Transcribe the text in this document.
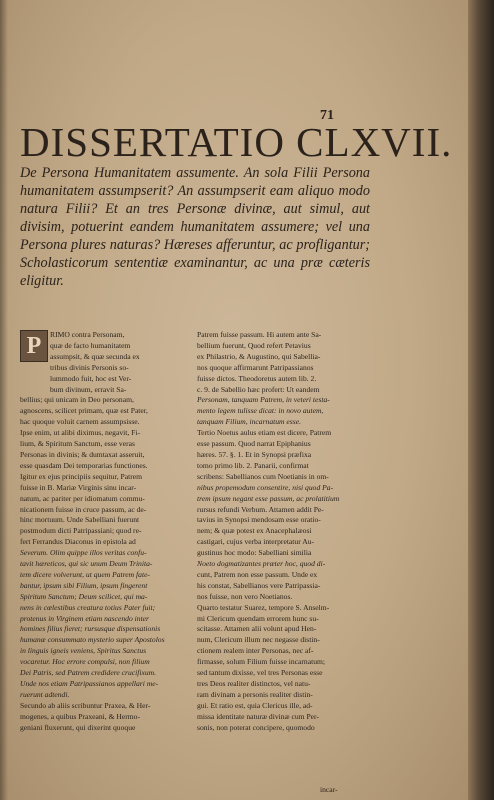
71
DISSERTATIO CLXVII.
De Persona Humanitatem assumente. An sola Filii Persona humanitatem assumpserit? An assumpserit eam aliquo modo natura Filii? Et an tres Personæ divinæ, aut simul, aut divisim, potuerint eandem humanitatem assumere; vel una Persona plures naturas? Hæreses afferuntur, ac profligantur; Scholasticorum sententiæ examinantur, ac una præ cæteris eligitur.
P	RIMO contra Personam,
quæ de facto humanitatem
assumpsit, & quæ secunda ex
tribus divinis Personis so-
lummodo fuit, hoc est Ver-
bum divinum, erravit Sa-
bellius; qui unicam in Deo personam,
agnoscens, scilicet primam, quæ est Pater,
hac quoque voluit carnem assumpsisse.
Ipse enim, ut alibi diximus, negavit, Fi-
lium, & Spiritum Sanctum, esse veras
Personas in divinis; & dumtaxat asseruit,
esse quasdam Dei temporarias functiones.
Igitur ex ejus principiis sequitur, Patrem
fuisse in B. Mariæ Virginis sinu incar-
natum, ac pariter per idiomatum commu-
nicationem fuisse in cruce passum, ac de-
hinc mortuum. Unde Sabelliani fuerunt
postmodum dicti Patripassiani; quod re-
fert Ferrandus Diaconus in epistola ad
Severum. Olim quippe illos veritas confu-
tavit hæreticos, qui sic unum Deum Trinita-
tem dicere volverunt, ut quem Patrem fate-
bantur, ipsum sibi Filium, ipsum fingerent
Spiritum Sanctum; Deum scilicet, qui ma-
nens in cœlestibus creatura totius Pater fuit;
protenus in Virginem etiam nascendo inter
homines filius fieret; rursusque dispensationis
humanæ consummato mysterio super Apostolos
in linguis igneis veniens, Spiritus Sanctus
vocaretur. Hoc errore compulsi, non filium
Dei Patris, sed Patrem credidere crucifixum.
Unde nos etiam Patripassianos appellari me-
ruerunt adtendi.
Secundo ab aliis scribuntur Praxea, & Her-
mogenes, a quibus Praxeani, & Hermo-
geniani fluxerunt, qui dixerint quoque
Patrem fuisse passum. Hi autem ante Sa-
bellium fuerunt, Quod refert Petavius
ex Philastrio, & Augustino, qui Sabellia-
nos quoque affirmarunt Patripassianos
fuisse dictos. Theodoretus autem lib. 2.
c. 9. de Sabellio hæc profert: Ut eandem
Personam, tanquam Patrem, in veteri testa-
mento legem tulisse dicat: in novo autem,
tanquam Filium, incarnatum esse.
Tertio Noetus aulus etiam est dicere, Patrem
esse passum. Quod narrat Epiphanius
hæres. 57. §. 1. Et in Synopsi præfixa
tomo primo lib. 2. Panarii, confirmat
scribens: Sabellianos cum Noetianis in om-
nibus propemodum consentire, nisi quod Pa-
trem ipsum negant esse passum, ac prolatitium
rursus refundi Verbum. Attamen addit Pe-
tavius in Synopsi mendosam esse oratio-
nem; & quæ potest ex Anacephalæosi
castigari, cujus verba interpretatur Au-
gustinus hoc modo: Sabelliani similia
Noeto dogmatizantes præter hoc, quod di-
cunt, Patrem non esse passum. Unde ex
his constat, Sabellianos vere Patripassia-
nos fuisse, non vero Noetianos.
Quarto testatur Suarez, tempore S. Anselm-
mi Clericum quendam errorem hunc su-
scitasse. Attamen alii volunt apud Hen-
num, Clericum illum nec negasse distin-
ctionem realem inter Personas, nec af-
firmasse, solum Filium fuisse incarnatum;
sed tantum dixisse, vel tres Personas esse
tres Deos realiter distinctos, vel natu-
ram divinam a personis realiter distin-
gui. Et ratio est, quia Clericus ille, ad-
missa identitate naturæ divinæ cum Per-
sonis, non poterat concipere, quomodo
incar-
